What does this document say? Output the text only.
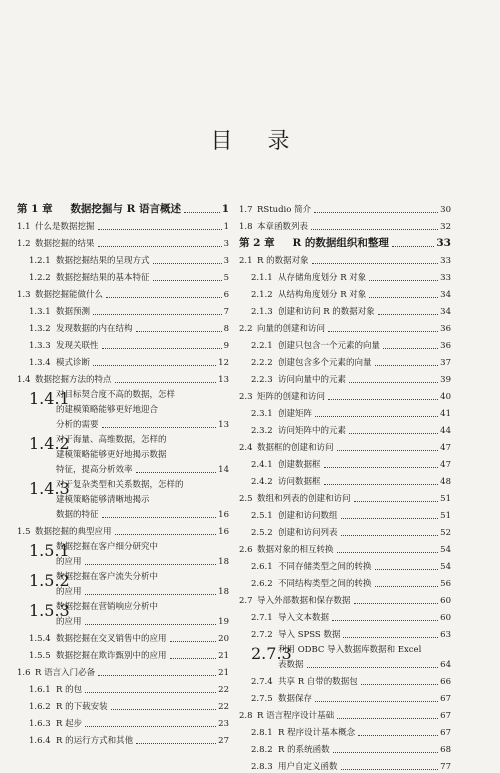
目 录
第 1 章
  数据挖掘与 R 语言概述	1
1.1 什么是数据挖掘	1
1.2 数据挖掘的结果	3
1.2.1 数据挖掘结果的呈现方式	3
1.2.2 数据挖掘结果的基本特征	5
1.3 数据挖掘能做什么	6
1.3.1 数据预测	7
1.3.2 发现数据的内在结构	8
1.3.3 发现关联性	9
1.3.4 模式诊断	12
1.4 数据挖掘方法的特点	13
1.4.1
对目标契合度不高的数据，怎样
的建模策略能够更好地迎合
分析的需要	13
1.4.2
对于海量、高维数据，怎样的
建模策略能够更好地揭示数据
特征，提高分析效率	14
1.4.3
对于复杂类型和关系数据，怎样的
建模策略能够清晰地揭示
数据的特征	16
1.5 数据挖掘的典型应用	16
1.5.1
数据挖掘在客户细分研究中
的应用	18
1.5.2
数据挖掘在客户流失分析中
的应用	18
1.5.3
数据挖掘在营销响应分析中
的应用	19
1.5.4 数据挖掘在交叉销售中的应用	20
1.5.5 数据挖掘在欺诈甄别中的应用	21
1.6 R 语言入门必备	21
1.6.1 R 的包	22
1.6.2 R 的下载安装	22
1.6.3 R 起步	23
1.6.4 R 的运行方式和其他	27
1.7 RStudio 简介	30
1.8 本章函数列表	32
第 2 章
  R 的数据组织和整理	33
2.1 R 的数据对象	33
2.1.1 从存储角度划分 R 对象	33
2.1.2 从结构角度划分 R 对象	34
2.1.3 创建和访问 R 的数据对象	34
2.2 向量的创建和访问	36
2.2.1 创建只包含一个元素的向量	36
2.2.2 创建包含多个元素的向量	37
2.2.3 访问向量中的元素	39
2.3 矩阵的创建和访问	40
2.3.1 创建矩阵	41
2.3.2 访问矩阵中的元素	44
2.4 数据框的创建和访问	47
2.4.1 创建数据框	47
2.4.2 访问数据框	48
2.5 数组和列表的创建和访问	51
2.5.1 创建和访问数组	51
2.5.2 创建和访问列表	52
2.6 数据对象的相互转换	54
2.6.1 不同存储类型之间的转换	54
2.6.2 不同结构类型之间的转换	56
2.7 导入外部数据和保存数据	60
2.7.1 导入文本数据	60
2.7.2 导入 SPSS 数据	63
2.7.3
利用 ODBC 导入数据库数据和 Excel
表数据	64
2.7.4 共享 R 自带的数据包	66
2.7.5 数据保存	67
2.8 R 语言程序设计基础	67
2.8.1 R 程序设计基本概念	67
2.8.2 R 的系统函数	68
2.8.3 用户自定义函数	77
